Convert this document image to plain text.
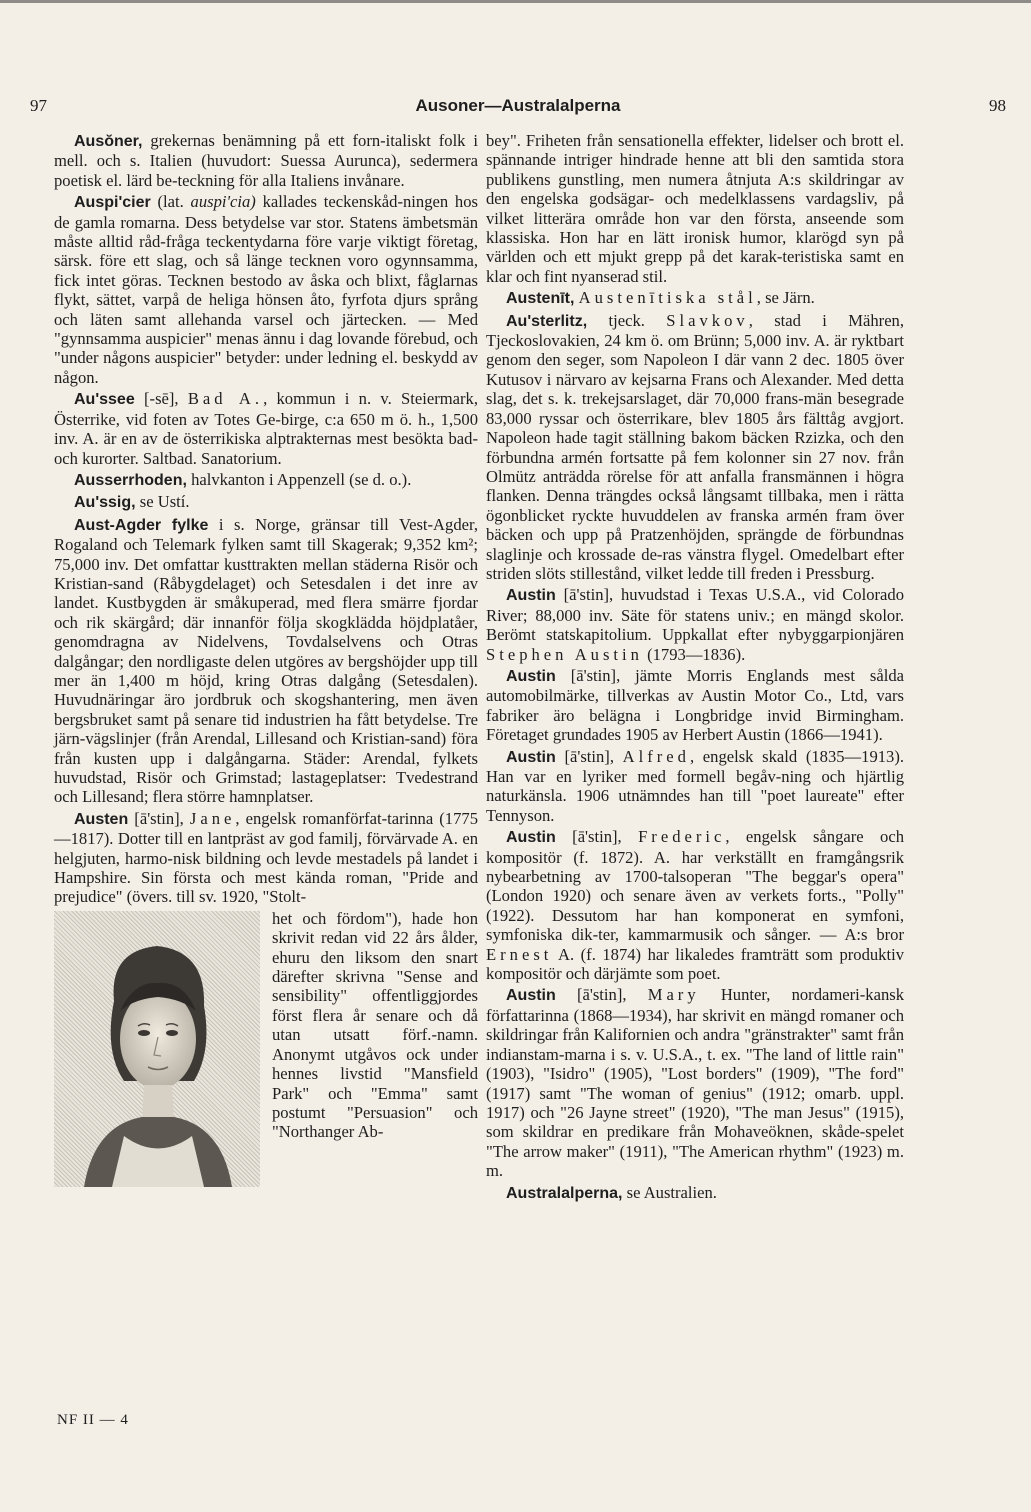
97	Ausoner—Australalperna	98

Ausŏner, grekernas benämning på ett forn-italiskt folk i mell. och s. Italien (huvudort: Suessa Aurunca), sedermera poetisk el. lärd be-teckning för alla Italiens invånare.

Auspi'cier (lat. auspi'cia) kallades teckenskåd-ningen hos de gamla romarna. Dess betydelse var stor. Statens ämbetsmän måste alltid råd-fråga teckentydarna före varje viktigt företag, särsk. före ett slag, och så länge tecknen voro ogynnsamma, fick intet göras. Tecknen bestodo av åska och blixt, fåglarnas flykt, sättet, varpå de heliga hönsen åto, fyrfota djurs språng och läten samt allehanda varsel och järtecken. — Med "gynnsamma auspicier" menas ännu i dag lovande förebud, och "under någons auspicier" betyder: under ledning el. beskydd av någon.

Au'ssee [-sē], Bad A., kommun i n. v. Steiermark, Österrike, vid foten av Totes Ge-birge, c:a 650 m ö. h., 1,500 inv. A. är en av de österrikiska alptrakternas mest besökta bad- och kurorter. Saltbad. Sanatorium.

Ausserrhoden, halvkanton i Appenzell (se d. o.).

Au'ssig, se Ustí.

Aust-Agder fylke i s. Norge, gränsar till Vest-Agder, Rogaland och Telemark fylken samt till Skagerak; 9,352 km²; 75,000 inv. Det omfattar kusttrakten mellan städerna Risör och Kristian-sand (Råbygdelaget) och Setesdalen i det inre av landet. Kustbygden är småkuperad, med flera smärre fjordar och rik skärgård; där innanför följa skogklädda höjdplatåer, genomdragna av Nidelvens, Tovdalselvens och Otras dalgångar; den nordligaste delen utgöres av bergshöjder upp till mer än 1,400 m höjd, kring Otras dalgång (Setesdalen). Huvudnäringar äro jordbruk och skogshantering, men även bergsbruket samt på senare tid industrien ha fått betydelse. Tre järn-vägslinjer (från Arendal, Lillesand och Kristian-sand) föra från kusten upp i dalgångarna. Städer: Arendal, fylkets huvudstad, Risör och Grimstad; lastageplatser: Tvedestrand och Lillesand; flera större hamnplatser.

Austen [ā'stin], Jane, engelsk romanförfat-tarinna (1775—1817). Dotter till en lantpräst av god familj, förvärvade A. en helgjuten, harmo-nisk bildning och levde mestadels på landet i Hampshire. Sin första och mest kända roman, "Pride and prejudice" (övers. till sv. 1920, "Stolt-

het och fördom"), hade hon skrivit redan vid 22 års ålder, ehuru den liksom den snart därefter skrivna "Sense and sensibility" offentliggjordes först flera år senare och då utan utsatt förf.-namn. Anonymt utgåvos ock under hennes livstid "Mansfield Park" och "Emma" samt postumt "Persuasion" och "Northanger Ab-

bey". Friheten från sensationella effekter, lidelser och brott el. spännande intriger hindrade henne att bli den samtida stora publikens gunstling, men numera åtnjuta A:s skildringar av den engelska godsägar- och medelklassens vardagsliv, på vilket litterära område hon var den första, anseende som klassiska. Hon har en lätt ironisk humor, klarögd syn på världen och ett mjukt grepp på det karak-teristiska samt en klar och fint nyanserad stil.

Austenīt, Austenītiska stål, se Järn.

Au'sterlitz, tjeck. Slavkov, stad i Mähren, Tjeckoslovakien, 24 km ö. om Brünn; 5,000 inv. A. är ryktbart genom den seger, som Napoleon I där vann 2 dec. 1805 över Kutusov i närvaro av kejsarna Frans och Alexander. Med detta slag, det s. k. trekejsarslaget, där 70,000 frans-män besegrade 83,000 ryssar och österrikare, blev 1805 års fälttåg avgjort. Napoleon hade tagit ställning bakom bäcken Rzizka, och den förbundna armén fortsatte på fem kolonner sin 27 nov. från Olmütz anträdda rörelse för att anfalla fransmännen i högra flanken. Denna trängdes också långsamt tillbaka, men i rätta ögonblicket ryckte huvuddelen av franska armén fram över bäcken och upp på Pratzenhöjden, sprängde de förbundnas slaglinje och krossade de-ras vänstra flygel. Omedelbart efter striden slöts stillestånd, vilket ledde till freden i Pressburg.

Austin [ā'stin], huvudstad i Texas U.S.A., vid Colorado River; 88,000 inv. Säte för statens univ.; en mängd skolor. Berömt statskapitolium. Uppkallat efter nybyggarpionjären Stephen Austin (1793—1836).

Austin [ā'stin], jämte Morris Englands mest sålda automobilmärke, tillverkas av Austin Motor Co., Ltd, vars fabriker äro belägna i Longbridge invid Birmingham. Företaget grundades 1905 av Herbert Austin (1866—1941).

Austin [ā'stin], Alfred, engelsk skald (1835—1913). Han var en lyriker med formell begåv-ning och hjärtlig naturkänsla. 1906 utnämndes han till "poet laureate" efter Tennyson.

Austin [ā'stin], Frederic, engelsk sångare och kompositör (f. 1872). A. har verkställt en framgångsrik nybearbetning av 1700-talsoperan "The beggar's opera" (London 1920) och senare även av verkets forts., "Polly" (1922). Dessutom har han komponerat en symfoni, symfoniska dik-ter, kammarmusik och sånger. — A:s bror Ernest A. (f. 1874) har likaledes framträtt som produktiv kompositör och därjämte som poet.

Austin [ā'stin], Mary Hunter, nordameri-kansk författarinna (1868—1934), har skrivit en mängd romaner och skildringar från Kalifornien och andra "gränstrakter" samt från indianstam-marna i s. v. U.S.A., t. ex. "The land of little rain" (1903), "Isidro" (1905), "Lost borders" (1909), "The ford" (1917) samt "The woman of genius" (1912; omarb. uppl. 1917) och "26 Jayne street" (1920), "The man Jesus" (1915), som skildrar en predikare från Mohaveöknen, skåde-spelet "The arrow maker" (1911), "The American rhythm" (1923) m. m.

Australalperna, se Australien.

NF II — 4
